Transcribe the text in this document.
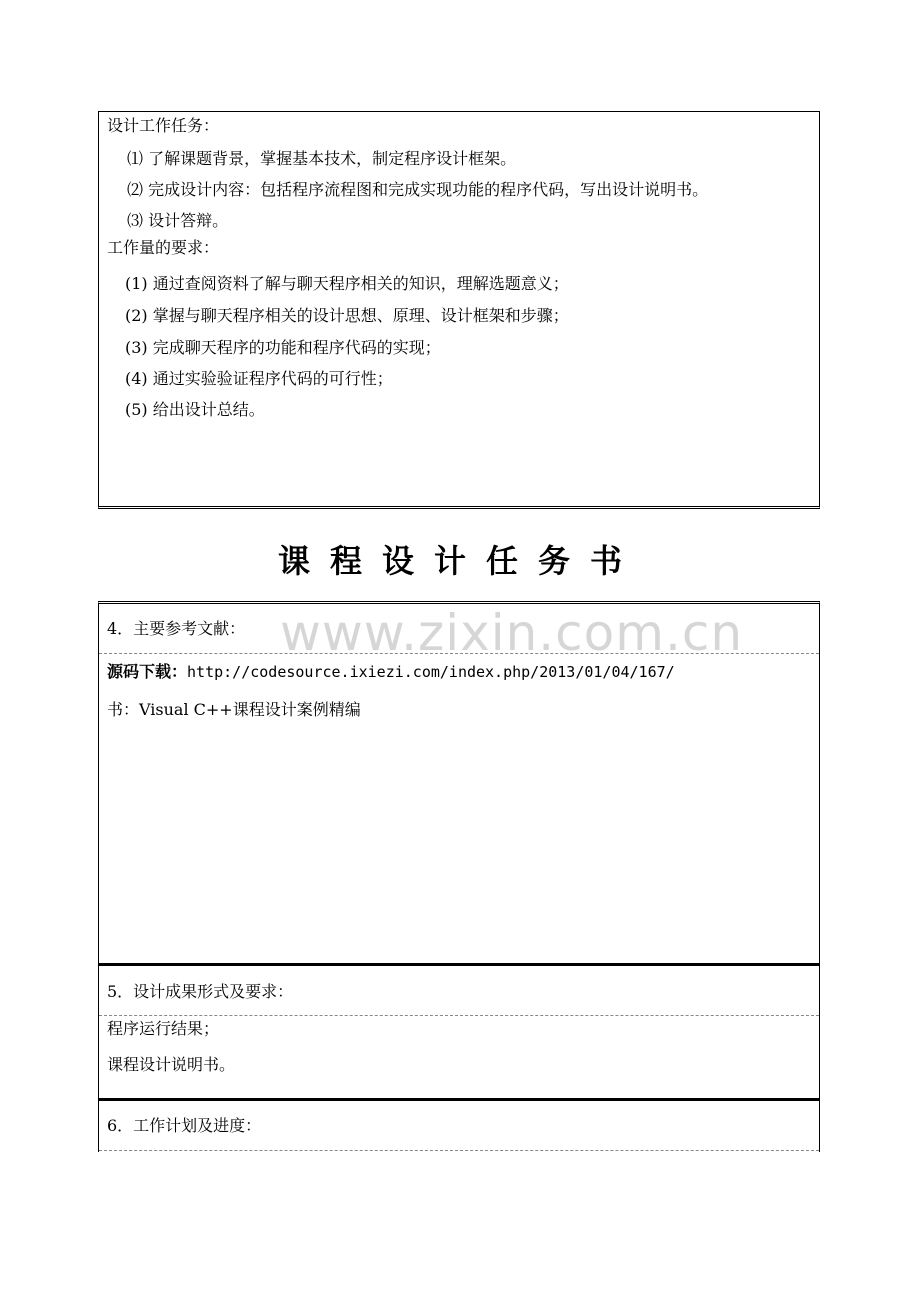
设计工作任务：
⑴ 了解课题背景，掌握基本技术，制定程序设计框架。
⑵ 完成设计内容：包括程序流程图和完成实现功能的程序代码，写出设计说明书。
⑶ 设计答辩。
工作量的要求：
(1) 通过查阅资料了解与聊天程序相关的知识，理解选题意义；
(2) 掌握与聊天程序相关的设计思想、原理、设计框架和步骤；
(3) 完成聊天程序的功能和程序代码的实现；
(4) 通过实验验证程序代码的可行性；
(5) 给出设计总结。
课程设计任务书
www.zixin.com.cn
4．主要参考文献：
源码下载：http://codesource.ixiezi.com/index.php/2013/01/04/167/
书：Visual C++课程设计案例精编
5．设计成果形式及要求：
程序运行结果；
课程设计说明书。
6．工作计划及进度：
